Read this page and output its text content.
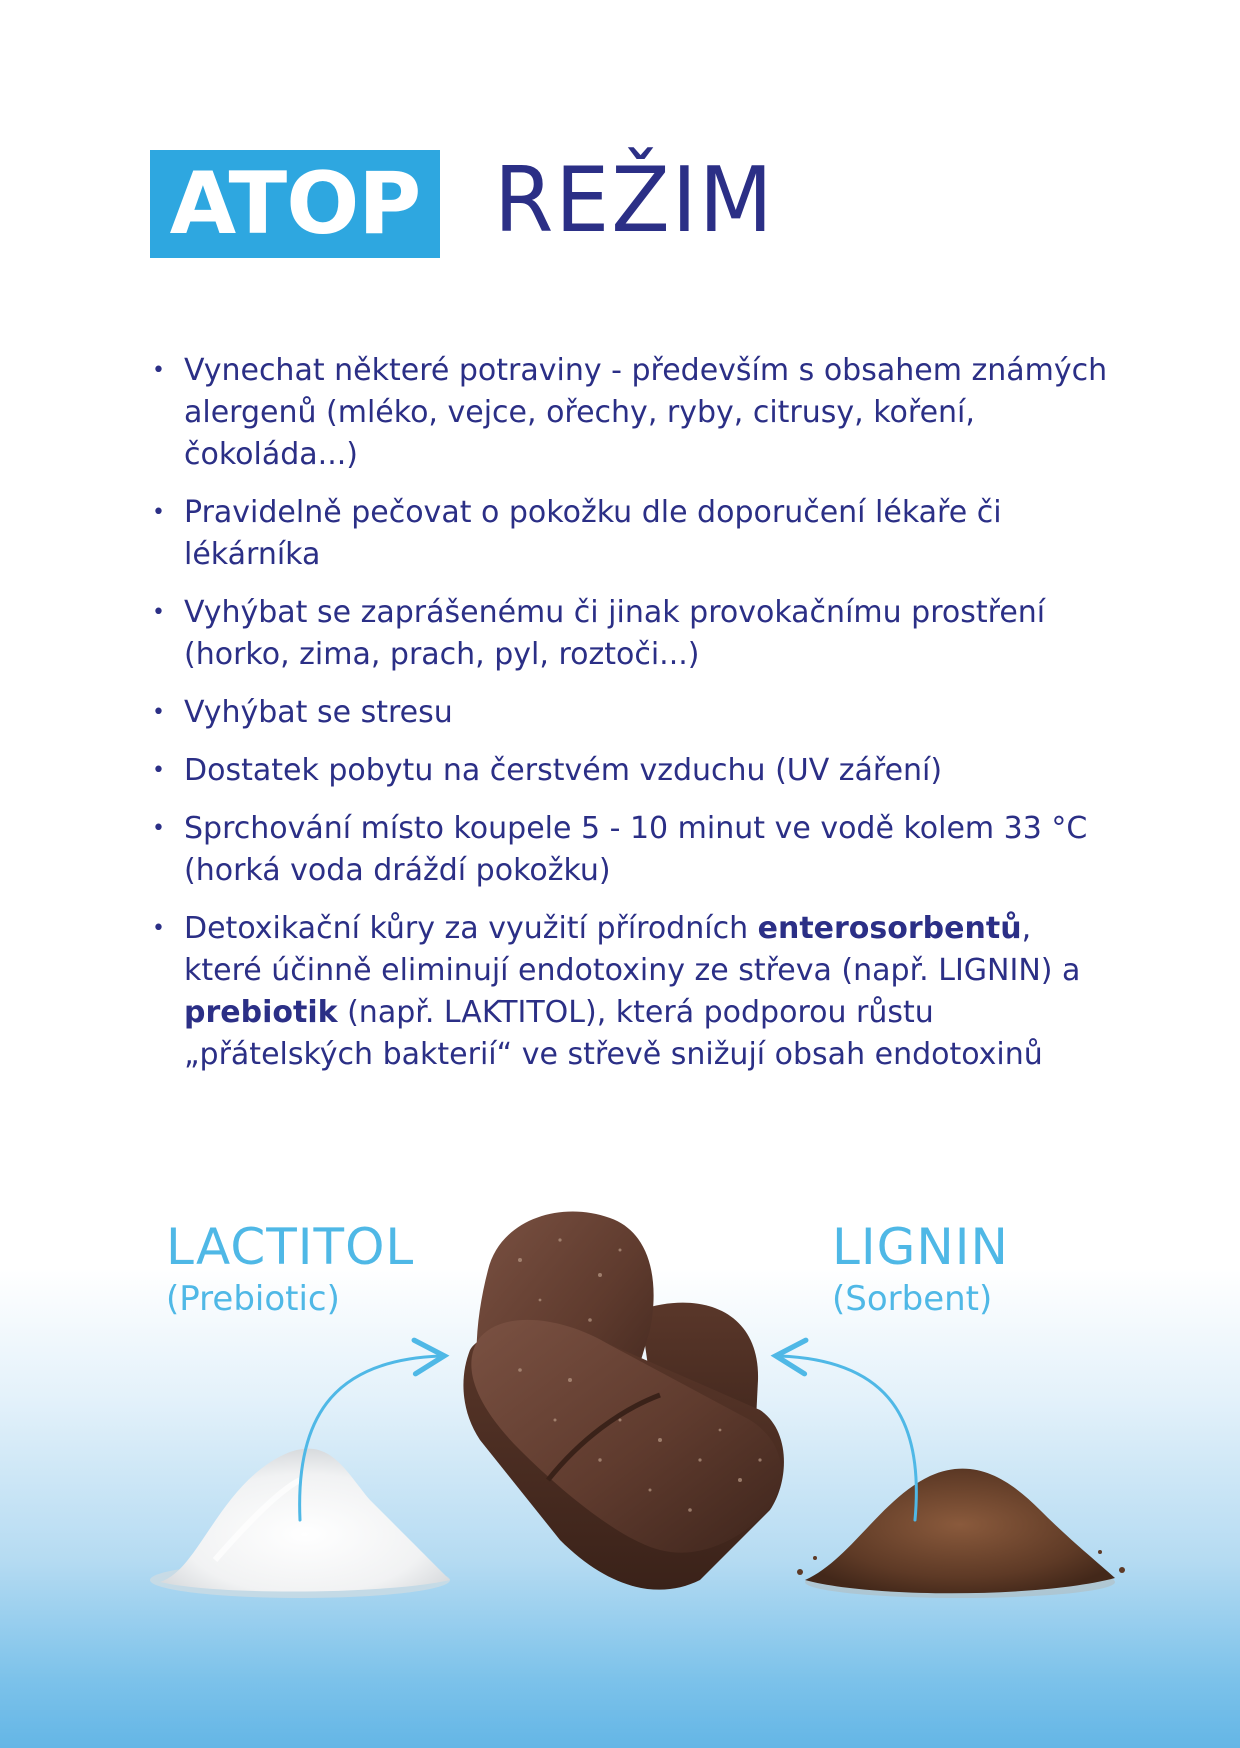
ATOP REŽIM
• Vynechat některé potraviny - především s obsahem známých alergenů (mléko, vejce, ořechy, ryby, citrusy, koření, čokoláda...)
• Pravidelně pečovat o pokožku dle doporučení lékaře či lékárníka
• Vyhýbat se zaprášenému či jinak provokačnímu prostření (horko, zima, prach, pyl, roztoči...)
• Vyhýbat se stresu
• Dostatek pobytu na čerstvém vzduchu (UV záření)
• Sprchování místo koupele 5 - 10 minut ve vodě kolem 33 °C (horká voda dráždí pokožku)
• Detoxikační kůry za využití přírodních enterosorbentů, které účinně eliminují endotoxiny ze střeva (např. LIGNIN) a prebiotik (např. LAKTITOL), která podporou růstu „přátelských bakterií“ ve střevě snižují obsah endotoxinů
LACTITOL
(Prebiotic)
LIGNIN
(Sorbent)
